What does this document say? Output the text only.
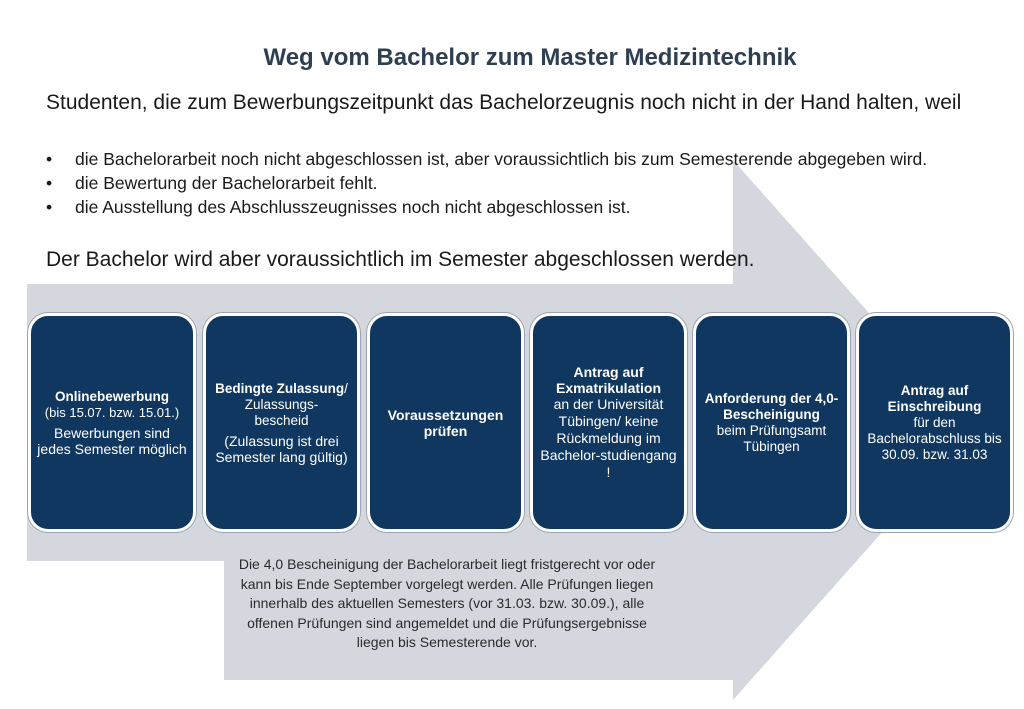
Weg vom Bachelor zum Master Medizintechnik
Studenten, die zum Bewerbungszeitpunkt das Bachelorzeugnis noch nicht in der Hand halten, weil
• die Bachelorarbeit noch nicht abgeschlossen ist, aber voraussichtlich bis zum Semesterende abgegeben wird.
• die Bewertung der Bachelorarbeit fehlt.
• die Ausstellung des Abschlusszeugnisses noch nicht abgeschlossen ist.
Der Bachelor wird aber voraussichtlich im Semester abgeschlossen werden.
Onlinebewerbung
(bis 15.07. bzw. 15.01.)
Bewerbungen sind jedes Semester möglich
Bedingte Zulassung/
Zulassungs-bescheid
(Zulassung ist drei Semester lang gültig)
Voraussetzungen prüfen
Antrag auf Exmatrikulation
an der Universität Tübingen/ keine Rückmeldung im Bachelor-studiengang !
Anforderung der 4,0-Bescheinigung
beim Prüfungsamt Tübingen
Antrag auf Einschreibung
für den Bachelorabschluss bis 30.09. bzw. 31.03
Die 4,0 Bescheinigung der Bachelorarbeit liegt fristgerecht vor oder kann bis Ende September vorgelegt werden. Alle Prüfungen liegen innerhalb des aktuellen Semesters (vor 31.03. bzw. 30.09.), alle offenen Prüfungen sind angemeldet und die Prüfungsergebnisse liegen bis Semesterende vor.
